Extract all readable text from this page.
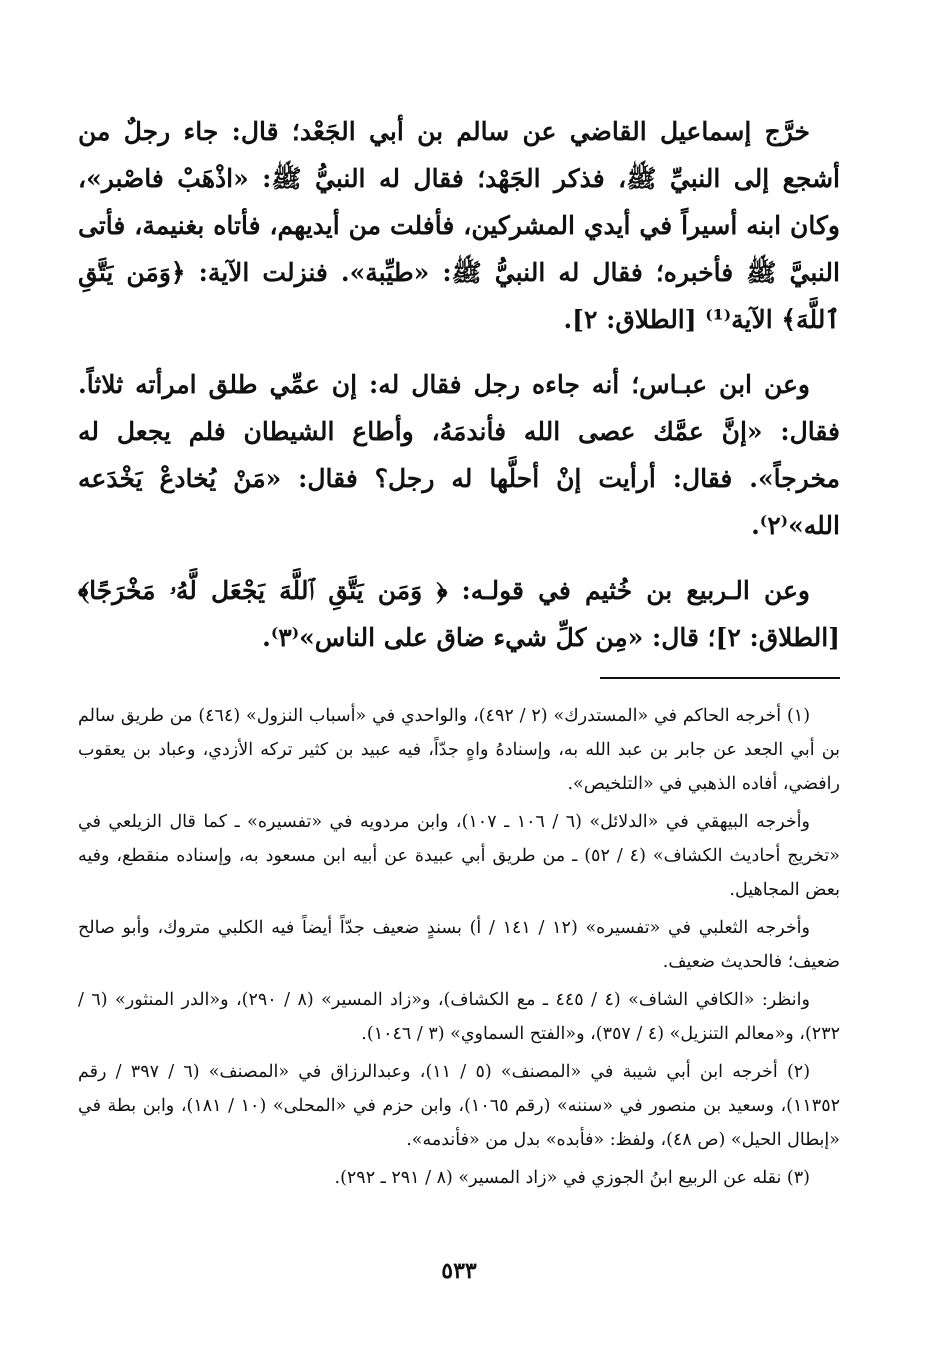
خرَّج إسماعيل القاضي عن سالم بن أبي الجَعْد؛ قال: جاء رجلٌ من أشجع إلى النبيِّ ﷺ، فذكر الجَهْد؛ فقال له النبيُّ ﷺ: «اذْهَبْ فاصْبر»، وكان ابنه أسيراً في أيدي المشركين، فأفلت من أيديهم، فأتاه بغنيمة، فأتى النبيَّ ﷺ فأخبره؛ فقال له النبيُّ ﷺ: «طيِّبة». فنزلت الآية: ﴿وَمَن يَتَّقِ ٱللَّهَ﴾ الآية⁽¹⁾ [الطلاق: ٢].

وعن ابن عبـاس؛ أنه جاءه رجل فقال له: إن عمِّي طلق امرأته ثلاثاً. فقال: «إنَّ عمَّك عصى الله فأندمَهُ، وأطاع الشيطان فلم يجعل له مخرجاً». فقال: أرأيت إنْ أحلَّها له رجل؟ فقال: «مَنْ يُخادعْ يَخْدَعه الله»⁽٢⁾.

وعن الـربيع بن خُثيم في قولـه: ﴿ وَمَن يَتَّقِ ٱللَّهَ يَجْعَل لَّهُۥ مَخْرَجًا﴾ [الطلاق: ٢]؛ قال: «مِن كلِّ شيء ضاق على الناس»⁽٣⁾.

(١) أخرجه الحاكم في «المستدرك» (٢ / ٤٩٢)، والواحدي في «أسباب النزول» (٤٦٤) من طريق سالم بن أبي الجعد عن جابر بن عبد الله به، وإسنادهُ واهٍ جدّاً، فيه عبيد بن كثير تركه الأزدي، وعباد بن يعقوب رافضي، أفاده الذهبي في «التلخيص».

وأخرجه البيهقي في «الدلائل» (٦ / ١٠٦ ـ ١٠٧)، وابن مردويه في «تفسيره» ـ كما قال الزيلعي في «تخريج أحاديث الكشاف» (٤ / ٥٢) ـ من طريق أبي عبيدة عن أبيه ابن مسعود به، وإسناده منقطع، وفيه بعض المجاهيل.

وأخرجه الثعلبي في «تفسيره» (١٢ / ١٤١ / أ) بسندٍ ضعيف جدّاً أيضاً فيه الكلبي متروك، وأبو صالح ضعيف؛ فالحديث ضعيف.

وانظر: «الكافي الشاف» (٤ / ٤٤٥ ـ مع الكشاف)، و«زاد المسير» (٨ / ٢٩٠)، و«الدر المنثور» (٦ / ٢٣٢)، و«معالم التنزيل» (٤ / ٣٥٧)، و«الفتح السماوي» (٣ / ١٠٤٦).

(٢) أخرجه ابن أبي شيبة في «المصنف» (٥ / ١١)، وعبدالرزاق في «المصنف» (٦ / ٣٩٧ / رقم ١١٣٥٢)، وسعيد بن منصور في «سننه» (رقم ١٠٦٥)، وابن حزم في «المحلى» (١٠ / ١٨١)، وابن بطة في «إبطال الحيل» (ص ٤٨)، ولفظ: «فأبده» بدل من «فأندمه».

(٣) نقله عن الربيع ابنُ الجوزي في «زاد المسير» (٨ / ٢٩١ ـ ٢٩٢).

٥٣٣
